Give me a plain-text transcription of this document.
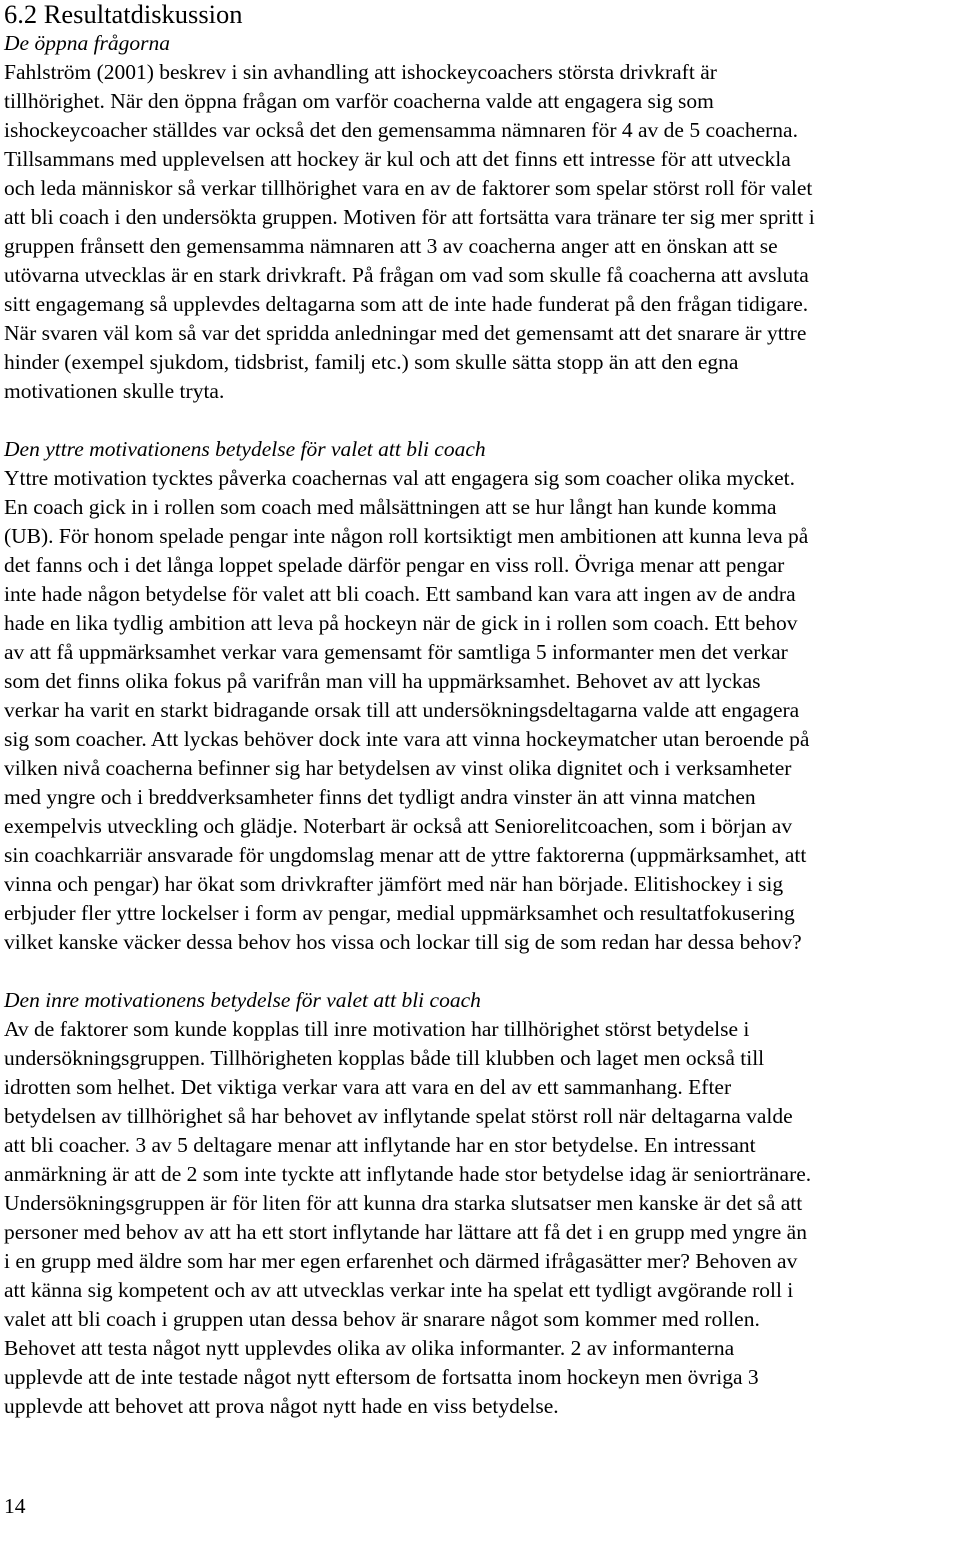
6.2 Resultatdiskussion
De öppna frågorna
Fahlström (2001) beskrev i sin avhandling att ishockeycoachers största drivkraft är
tillhörighet. När den öppna frågan om varför coacherna valde att engagera sig som
ishockeycoacher ställdes var också det den gemensamma nämnaren för 4 av de 5 coacherna.
Tillsammans med upplevelsen att hockey är kul och att det finns ett intresse för att utveckla
och leda människor så verkar tillhörighet vara en av de faktorer som spelar störst roll för valet
att bli coach i den undersökta gruppen. Motiven för att fortsätta vara tränare ter sig mer spritt i
gruppen frånsett den gemensamma nämnaren att 3 av coacherna anger att en önskan att se
utövarna utvecklas är en stark drivkraft. På frågan om vad som skulle få coacherna att avsluta
sitt engagemang så upplevdes deltagarna som att de inte hade funderat på den frågan tidigare.
När svaren väl kom så var det spridda anledningar med det gemensamt att det snarare är yttre
hinder (exempel sjukdom, tidsbrist, familj etc.) som skulle sätta stopp än att den egna
motivationen skulle tryta.
Den yttre motivationens betydelse för valet att bli coach
Yttre motivation tycktes påverka coachernas val att engagera sig som coacher olika mycket.
En coach gick in i rollen som coach med målsättningen att se hur långt han kunde komma
(UB). För honom spelade pengar inte någon roll kortsiktigt men ambitionen att kunna leva på
det fanns och i det långa loppet spelade därför pengar en viss roll. Övriga menar att pengar
inte hade någon betydelse för valet att bli coach. Ett samband kan vara att ingen av de andra
hade en lika tydlig ambition att leva på hockeyn när de gick in i rollen som coach. Ett behov
av att få uppmärksamhet verkar vara gemensamt för samtliga 5 informanter men det verkar
som det finns olika fokus på varifrån man vill ha uppmärksamhet. Behovet av att lyckas
verkar ha varit en starkt bidragande orsak till att undersökningsdeltagarna valde att engagera
sig som coacher. Att lyckas behöver dock inte vara att vinna hockeymatcher utan beroende på
vilken nivå coacherna befinner sig har betydelsen av vinst olika dignitet och i verksamheter
med yngre och i breddverksamheter finns det tydligt andra vinster än att vinna matchen
exempelvis utveckling och glädje. Noterbart är också att Seniorelitcoachen, som i början av
sin coachkarriär ansvarade för ungdomslag menar att de yttre faktorerna (uppmärksamhet, att
vinna och pengar) har ökat som drivkrafter jämfört med när han började. Elitishockey i sig
erbjuder fler yttre lockelser i form av pengar, medial uppmärksamhet och resultatfokusering
vilket kanske väcker dessa behov hos vissa och lockar till sig de som redan har dessa behov?
Den inre motivationens betydelse för valet att bli coach
Av de faktorer som kunde kopplas till inre motivation har tillhörighet störst betydelse i
undersökningsgruppen. Tillhörigheten kopplas både till klubben och laget men också till
idrotten som helhet. Det viktiga verkar vara att vara en del av ett sammanhang. Efter
betydelsen av tillhörighet så har behovet av inflytande spelat störst roll när deltagarna valde
att bli coacher. 3 av 5 deltagare menar att inflytande har en stor betydelse. En intressant
anmärkning är att de 2 som inte tyckte att inflytande hade stor betydelse idag är seniortränare.
Undersökningsgruppen är för liten för att kunna dra starka slutsatser men kanske är det så att
personer med behov av att ha ett stort inflytande har lättare att få det i en grupp med yngre än
i en grupp med äldre som har mer egen erfarenhet och därmed ifrågasätter mer? Behoven av
att känna sig kompetent och av att utvecklas verkar inte ha spelat ett tydligt avgörande roll i
valet att bli coach i gruppen utan dessa behov är snarare något som kommer med rollen.
Behovet att testa något nytt upplevdes olika av olika informanter. 2 av informanterna
upplevde att de inte testade något nytt eftersom de fortsatta inom hockeyn men övriga 3
upplevde att behovet att prova något nytt hade en viss betydelse.
14
